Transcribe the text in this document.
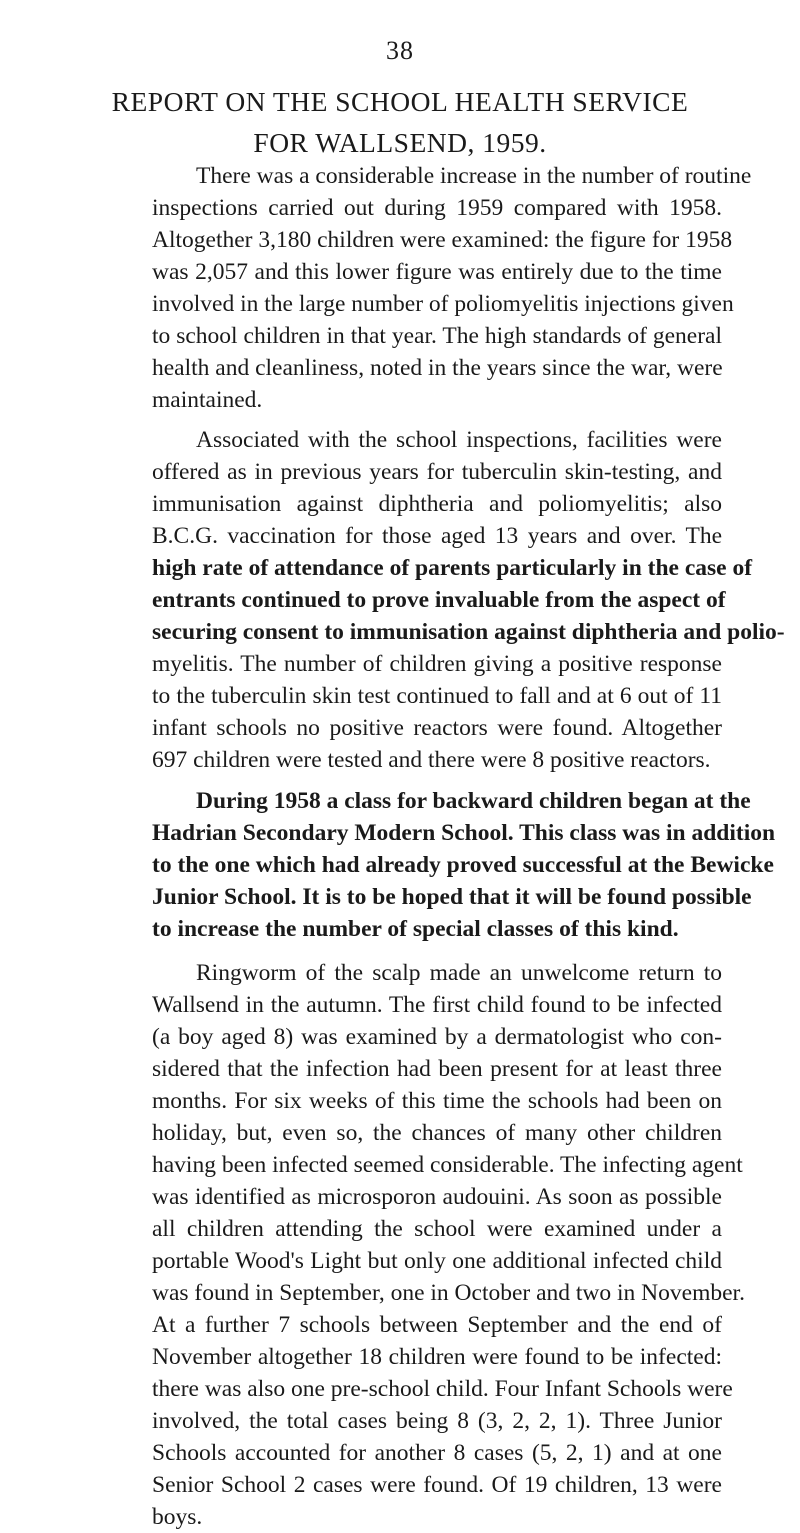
38
REPORT ON THE SCHOOL HEALTH SERVICE
FOR WALLSEND, 1959.

There was a considerable increase in the number of routine
inspections carried out during 1959 compared with 1958.
Altogether 3,180 children were examined: the figure for 1958
was 2,057 and this lower figure was entirely due to the time
involved in the large number of poliomyelitis injections given
to school children in that year. The high standards of general
health and cleanliness, noted in the years since the war, were
maintained.

Associated with the school inspections, facilities were
offered as in previous years for tuberculin skin-testing, and
immunisation against diphtheria and poliomyelitis; also
B.C.G. vaccination for those aged 13 years and over. The
high rate of attendance of parents particularly in the case of
entrants continued to prove invaluable from the aspect of
securing consent to immunisation against diphtheria and polio-
myelitis. The number of children giving a positive response
to the tuberculin skin test continued to fall and at 6 out of 11
infant schools no positive reactors were found. Altogether
697 children were tested and there were 8 positive reactors.

During 1958 a class for backward children began at the
Hadrian Secondary Modern School. This class was in addition
to the one which had already proved successful at the Bewicke
Junior School. It is to be hoped that it will be found possible
to increase the number of special classes of this kind.

Ringworm of the scalp made an unwelcome return to
Wallsend in the autumn. The first child found to be infected
(a boy aged 8) was examined by a dermatologist who con-
sidered that the infection had been present for at least three
months. For six weeks of this time the schools had been on
holiday, but, even so, the chances of many other children
having been infected seemed considerable. The infecting agent
was identified as microsporon audouini. As soon as possible
all children attending the school were examined under a
portable Wood's Light but only one additional infected child
was found in September, one in October and two in November.
At a further 7 schools between September and the end of
November altogether 18 children were found to be infected:
there was also one pre-school child. Four Infant Schools were
involved, the total cases being 8 (3, 2, 2, 1). Three Junior
Schools accounted for another 8 cases (5, 2, 1) and at one
Senior School 2 cases were found. Of 19 children, 13 were
boys.
